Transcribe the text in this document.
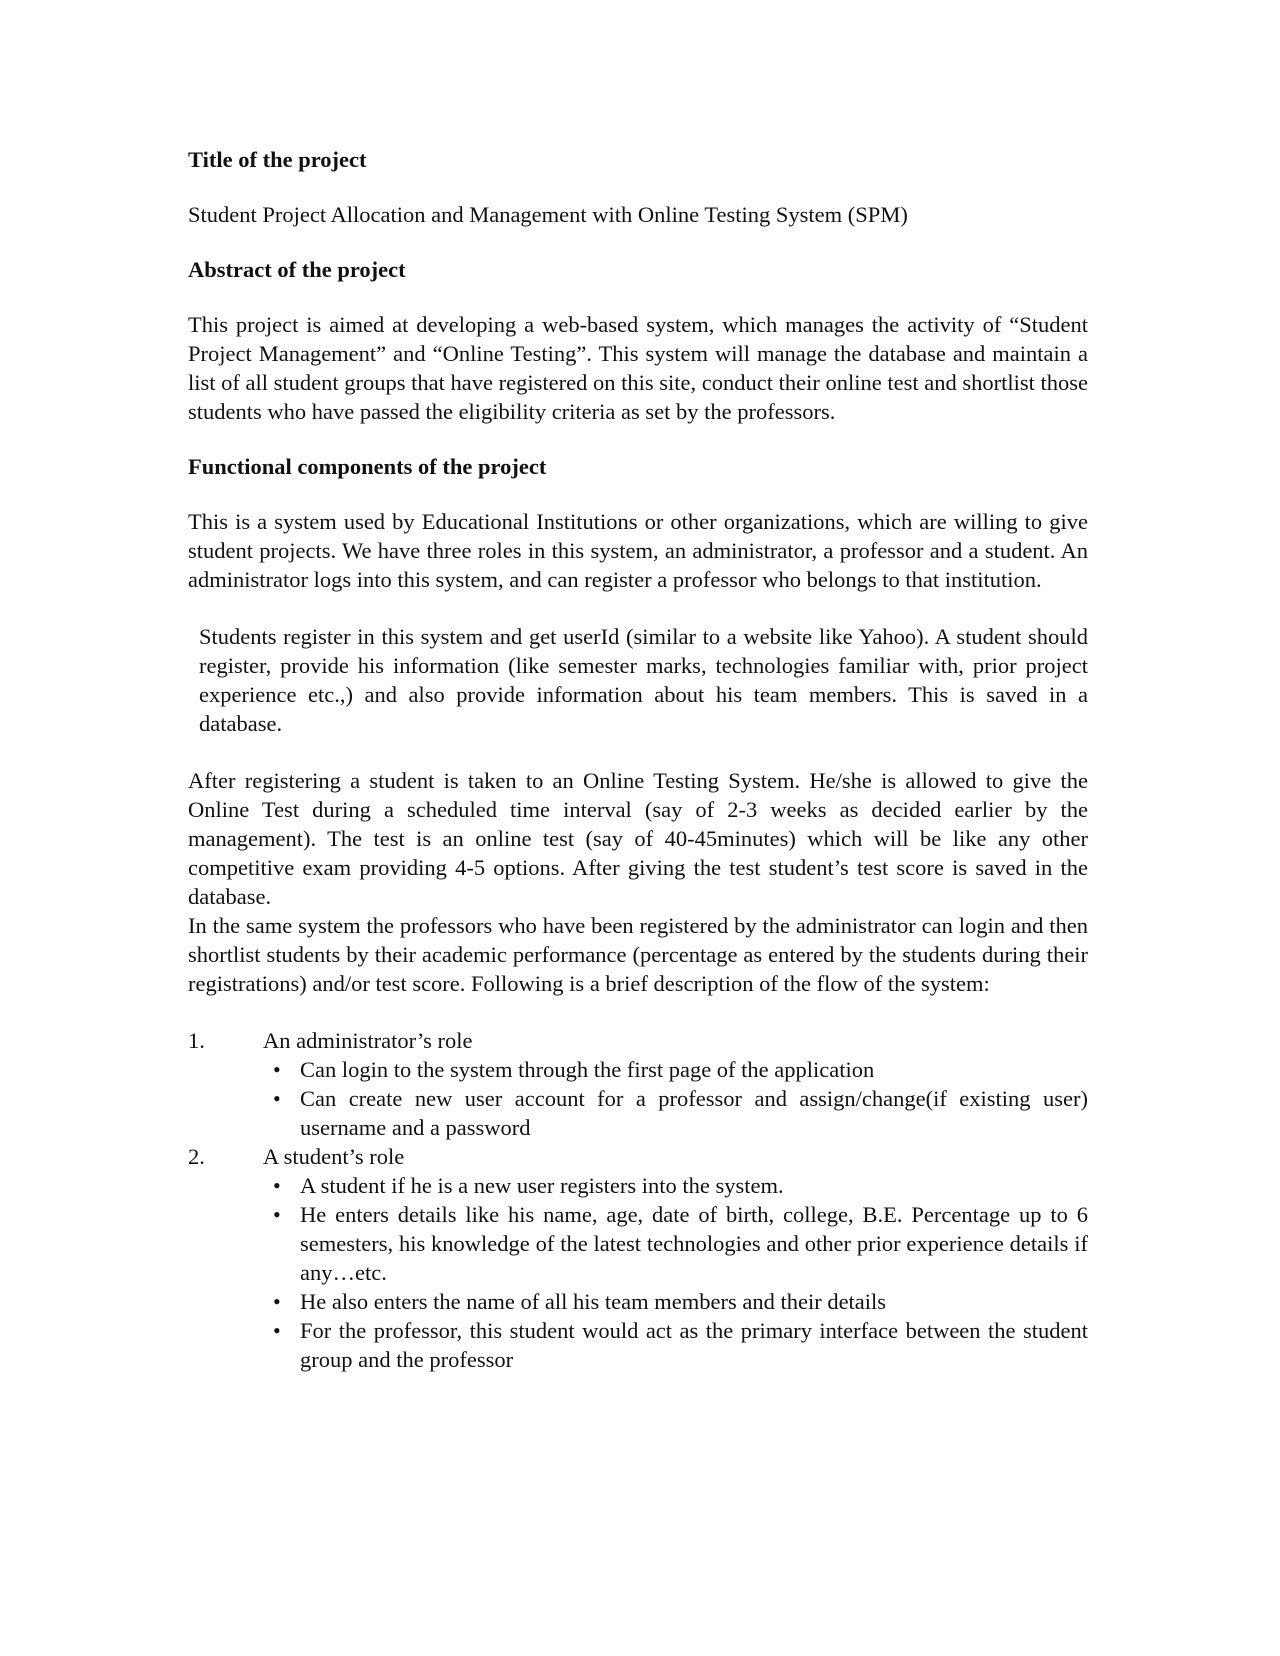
Title of the project

Student Project Allocation and Management with Online Testing System (SPM)

Abstract of the project

This project is aimed at developing a web-based system, which manages the activity of “Student Project Management” and “Online Testing”. This system will manage the database and maintain a list of all student groups that have registered on this site, conduct their online test and shortlist those students who have passed the eligibility criteria as set by the professors.

Functional components of the project

This is a system used by Educational Institutions or other organizations, which are willing to give student projects. We have three roles in this system, an administrator, a professor and a student. An administrator logs into this system, and can register a professor who belongs to that institution.

Students register in this system and get userId (similar to a website like Yahoo). A student should register, provide his information (like semester marks, technologies familiar with, prior project experience etc.,) and also provide information about his team members. This is saved in a database.

After registering a student is taken to an Online Testing System. He/she is allowed to give the Online Test during a scheduled time interval (say of 2-3 weeks as decided earlier by the management). The test is an online test (say of 40-45minutes) which will be like any other competitive exam providing 4-5 options. After giving the test student’s test score is saved in the database.

In the same system the professors who have been registered by the administrator can login and then shortlist students by their academic performance (percentage as entered by the students during their registrations) and/or test score. Following is a brief description of the flow of the system:

1.	An administrator’s role
• Can login to the system through the first page of the application
• Can create new user account for a professor and assign/change(if existing user) username and a password
2.	A student’s role
• A student if he is a new user registers into the system.
• He enters details like his name, age, date of birth, college, B.E. Percentage up to 6 semesters, his knowledge of the latest technologies and other prior experience details if any…etc.
• He also enters the name of all his team members and their details
• For the professor, this student would act as the primary interface between the student group and the professor
